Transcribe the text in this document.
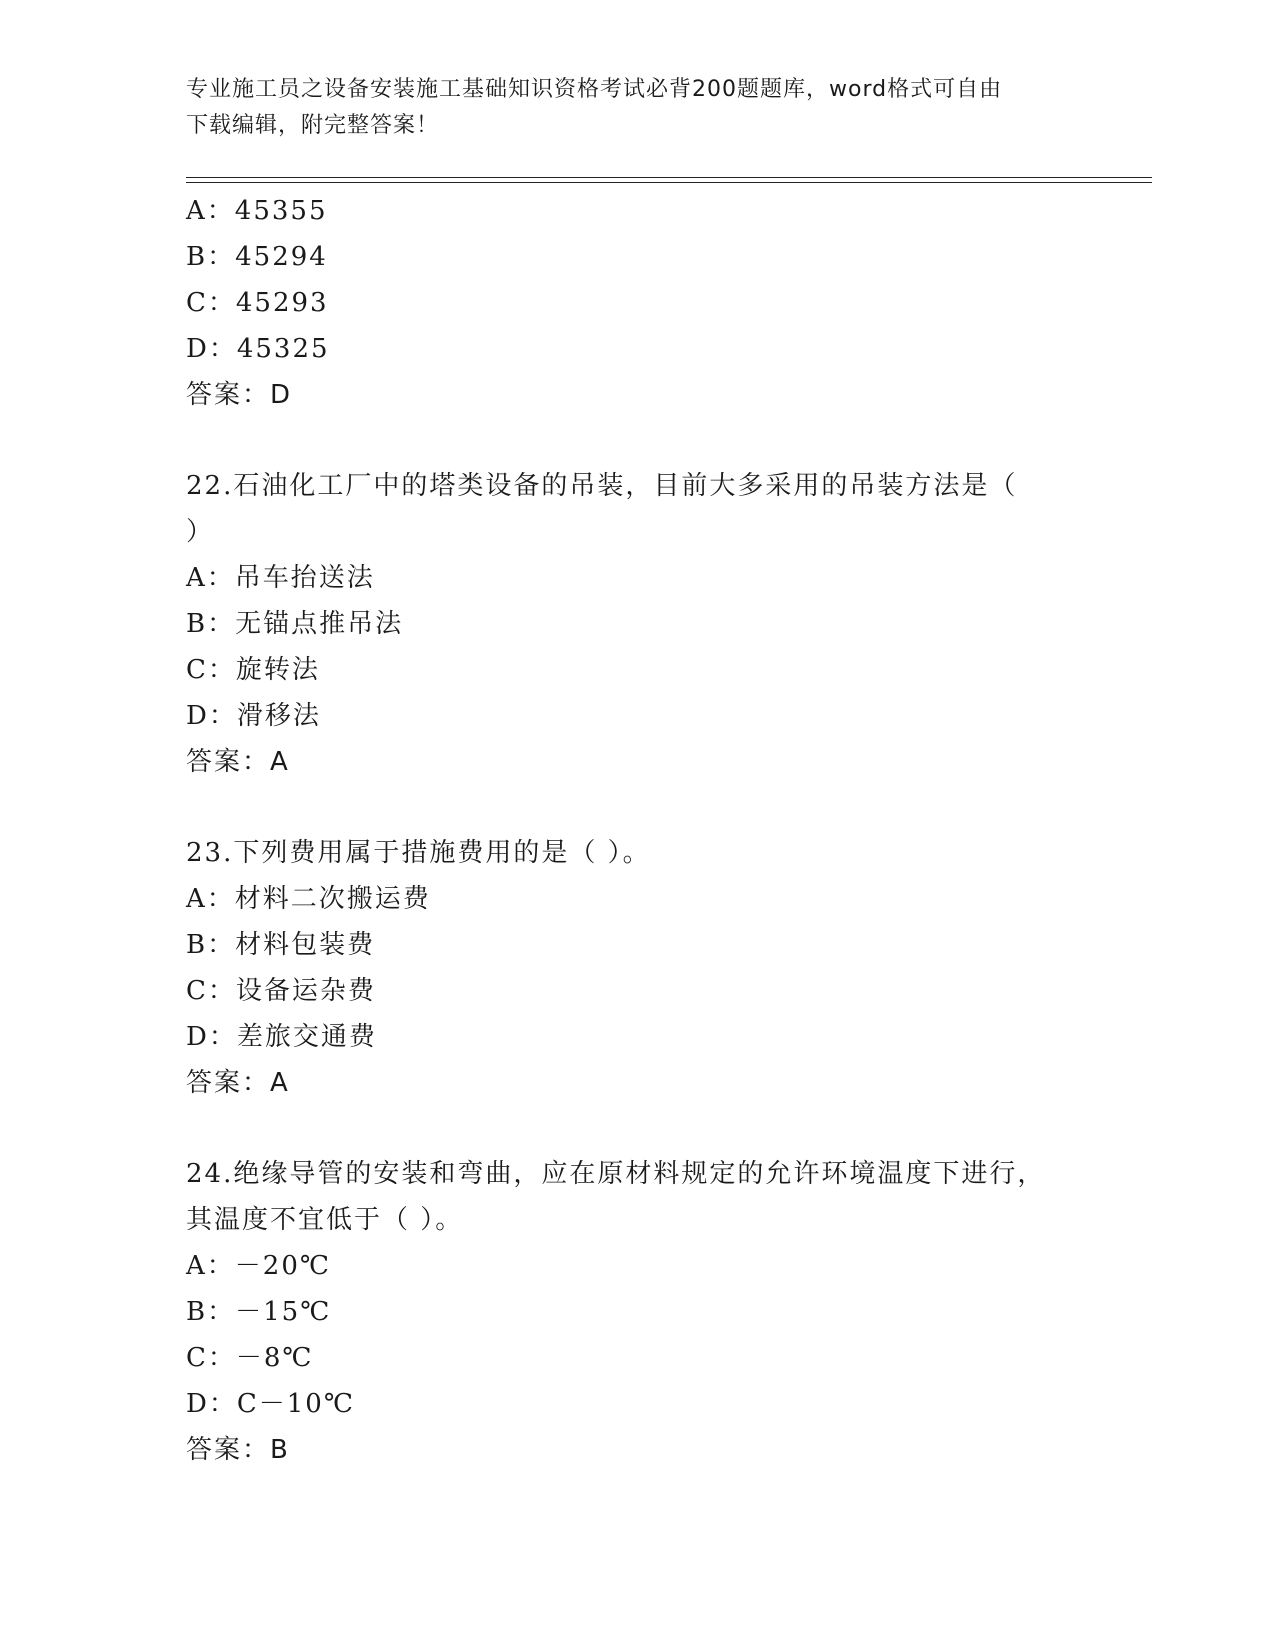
专业施工员之设备安装施工基础知识资格考试必背200题题库，word格式可自由
下载编辑，附完整答案！
A：45355
B：45294
C：45293
D：45325
答案：D
22.石油化工厂中的塔类设备的吊装，目前大多采用的吊装方法是（
）
A：吊车抬送法
B：无锚点推吊法
C：旋转法
D：滑移法
答案：A
23.下列费用属于措施费用的是（ ）。
A：材料二次搬运费
B：材料包装费
C：设备运杂费
D：差旅交通费
答案：A
24.绝缘导管的安装和弯曲，应在原材料规定的允许环境温度下进行，
其温度不宜低于（ ）。
A：－20℃
B：－15℃
C：－8℃
D：C－10℃
答案：B
